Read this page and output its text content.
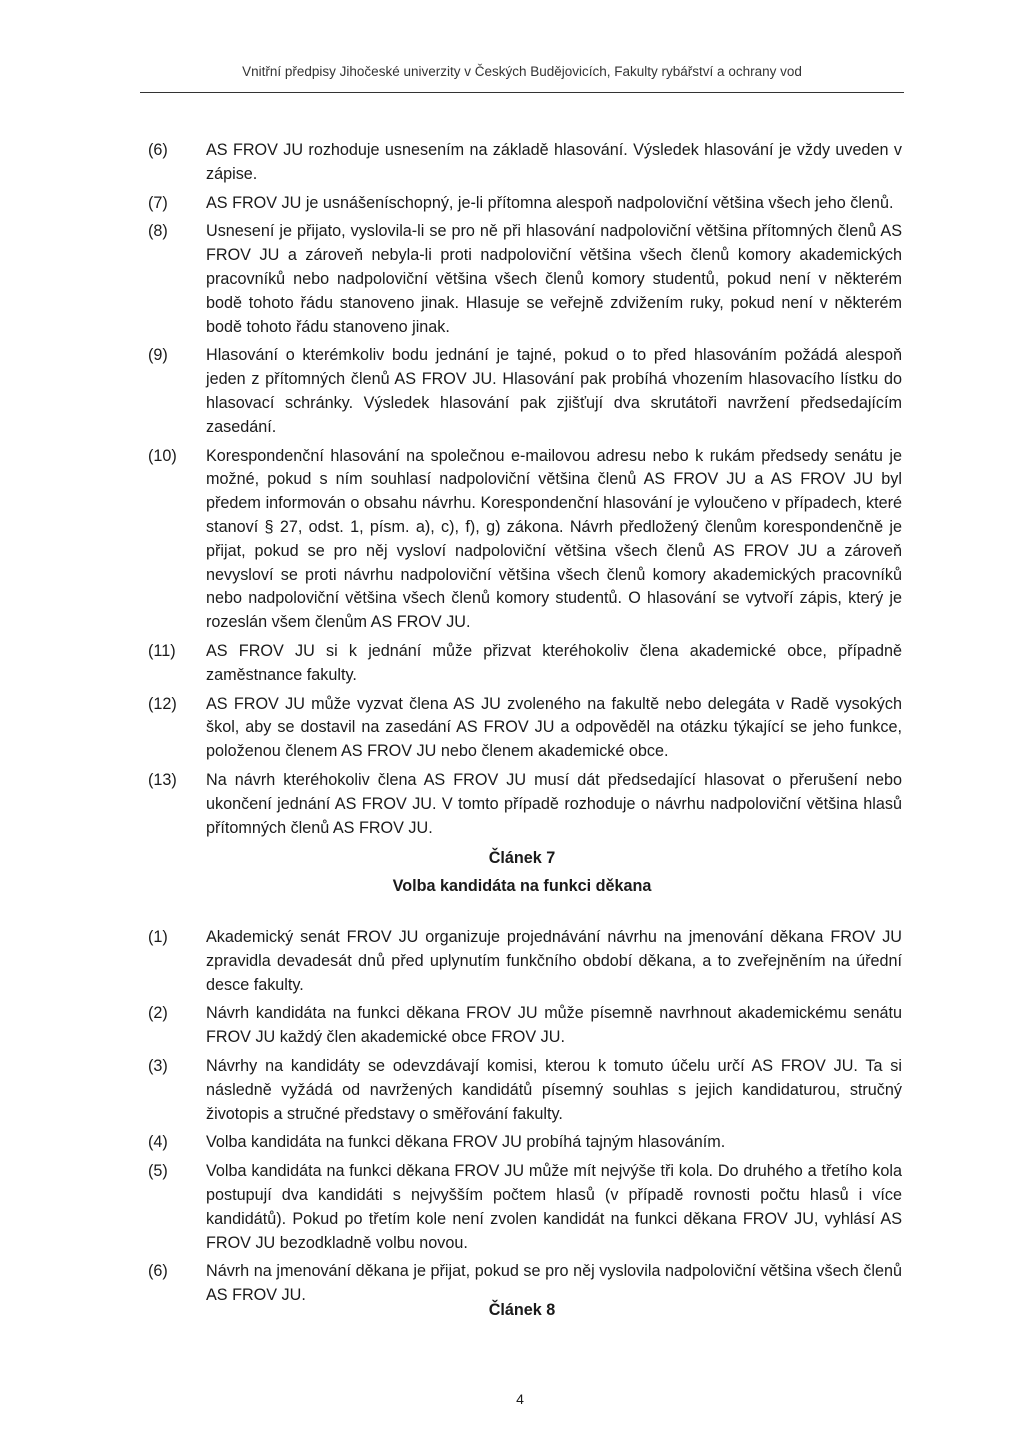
Vnitřní předpisy Jihočeské univerzity v Českých Budějovicích, Fakulty rybářství a ochrany vod
(6)	AS FROV JU rozhoduje usnesením na základě hlasování. Výsledek hlasování je vždy uveden v zápise.
(7)	AS FROV JU je usnášeníschopný, je-li přítomna alespoň nadpoloviční většina všech jeho členů.
(8)	Usnesení je přijato, vyslovila-li se pro ně při hlasování nadpoloviční většina přítomných členů AS FROV JU a zároveň nebyla-li proti nadpoloviční většina všech členů komory akademických pracovníků nebo nadpoloviční většina všech členů komory studentů, pokud není v některém bodě tohoto řádu stanoveno jinak. Hlasuje se veřejně zdvižením ruky, pokud není v některém bodě tohoto řádu stanoveno jinak.
(9)	Hlasování o kterémkoliv bodu jednání je tajné, pokud o to před hlasováním požádá alespoň jeden z přítomných členů AS FROV JU. Hlasování pak probíhá vhozením hlasovacího lístku do hlasovací schránky. Výsledek hlasování pak zjišťují dva skrutátoři navržení předsedajícím zasedání.
(10)	Korespondenční hlasování na společnou e-mailovou adresu nebo k rukám předsedy senátu je možné, pokud s ním souhlasí nadpoloviční většina členů AS FROV JU a AS FROV JU byl předem informován o obsahu návrhu. Korespondenční hlasování je vyloučeno v případech, které stanoví § 27, odst. 1, písm. a), c), f), g) zákona. Návrh předložený členům korespondenčně je přijat, pokud se pro něj vysloví nadpoloviční většina všech členů AS FROV JU a zároveň nevysloví se proti návrhu nadpoloviční většina všech členů komory akademických pracovníků nebo nadpoloviční většina všech členů komory studentů. O hlasování se vytvoří zápis, který je rozeslán všem členům AS FROV JU.
(11)	AS FROV JU si k jednání může přizvat kteréhokoliv člena akademické obce, případně zaměstnance fakulty.
(12)	AS FROV JU může vyzvat člena AS JU zvoleného na fakultě nebo delegáta v Radě vysokých škol, aby se dostavil na zasedání AS FROV JU a odpověděl na otázku týkající se jeho funkce, položenou členem AS FROV JU nebo členem akademické obce.
(13)	Na návrh kteréhokoliv člena AS FROV JU musí dát předsedající hlasovat o přerušení nebo ukončení jednání AS FROV JU. V tomto případě rozhoduje o návrhu nadpoloviční většina hlasů přítomných členů AS FROV JU.
Článek 7
Volba kandidáta na funkci děkana
(1)	Akademický senát FROV JU organizuje projednávání návrhu na jmenování děkana FROV JU zpravidla devadesát dnů před uplynutím funkčního období děkana, a to zveřejněním na úřední desce fakulty.
(2)	Návrh kandidáta na funkci děkana FROV JU může písemně navrhnout akademickému senátu FROV JU každý člen akademické obce FROV JU.
(3)	Návrhy na kandidáty se odevzdávají komisi, kterou k tomuto účelu určí AS FROV JU. Ta si následně vyžádá od navržených kandidátů písemný souhlas s jejich kandidaturou, stručný životopis a stručné představy o směřování fakulty.
(4)	Volba kandidáta na funkci děkana FROV JU probíhá tajným hlasováním.
(5)	Volba kandidáta na funkci děkana FROV JU může mít nejvýše tři kola. Do druhého a třetího kola postupují dva kandidáti s nejvyšším počtem hlasů (v případě rovnosti počtu hlasů i více kandidátů). Pokud po třetím kole není zvolen kandidát na funkci děkana FROV JU, vyhlásí AS FROV JU bezodkladně volbu novou.
(6)	Návrh na jmenování děkana je přijat, pokud se pro něj vyslovila nadpoloviční většina všech členů AS FROV JU.
Článek 8
4
